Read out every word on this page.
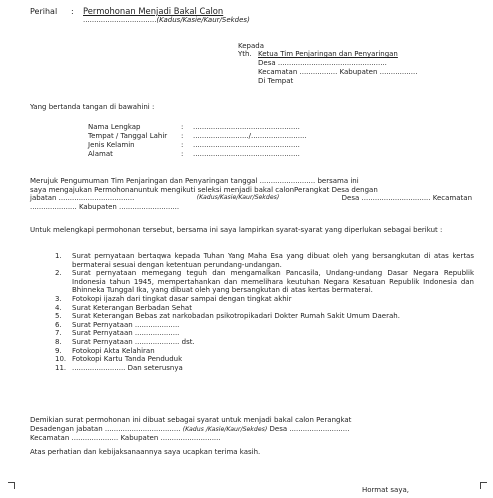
Perihal : Permohonan Menjadi Bakal Calon
.................................(Kadus/Kasie/Kaur/Sekdes)
Kepada
Yth. Ketua Tim Penjaringan dan Penyaringan
Desa .................................................
Kecamatan ................. Kabupaten .................
Di Tempat
Yang bertanda tangan di bawahini :
Nama Lengkap	: ................................................
Tempat / Tanggal Lahir : ........................./.........................
Jenis Kelamin	: ................................................
Alamat	: ................................................
Merujuk Pengumuman Tim Penjaringan dan Penyaringan tanggal ......................... bersama ini
saya mengajukan Permohonanuntuk mengikuti seleksi menjadi bakal calonPerangkat Desa dengan
jabatan ..................................	(Kadus/Kasie/Kaur/Sekdes)	Desa ............................... Kecamatan
..................... Kabupaten ...........................
Untuk melengkapi permohonan tersebut, bersama ini saya lampirkan syarat-syarat yang diperlukan sebagai berikut :
1. Surat pernyataan bertaqwa kepada Tuhan Yang Maha Esa yang dibuat oleh yang bersangkutan di atas kertas bermaterai sesuai dengan ketentuan perundang-undangan.
2. Surat pernyataan memegang teguh dan mengamalkan Pancasila, Undang-undang Dasar Negara Republik Indonesia tahun 1945, mempertahankan dan memelihara keutuhan Negara Kesatuan Republik Indonesia dan Bhinneka Tunggal Ika, yang dibuat oleh yang bersangkutan di atas kertas bermaterai.
3. Fotokopi ijazah dari tingkat dasar sampai dengan tingkat akhir
4. Surat Keterangan Berbadan Sehat
5. Surat Keterangan Bebas zat narkobadan psikotropikadari Dokter Rumah Sakit Umum Daerah.
6. Surat Pernyataan ....................
7. Surat Pernyataan ....................
8. Surat Pernyataan .................... dst.
9. Fotokopi Akta Kelahiran
10. Fotokopi Kartu Tanda Penduduk
11. ........................ Dan seterusnya
Demikian surat permohonan ini dibuat sebagai syarat untuk menjadi bakal calon Perangkat
Desadengan jabatan .................................. (Kadus /Kasie/Kaur/Sekdes) Desa ...........................
Kecamatan ..................... Kabupaten ...........................
Atas perhatian dan kebijaksanaannya saya ucapkan terima kasih.
Hormat saya,
